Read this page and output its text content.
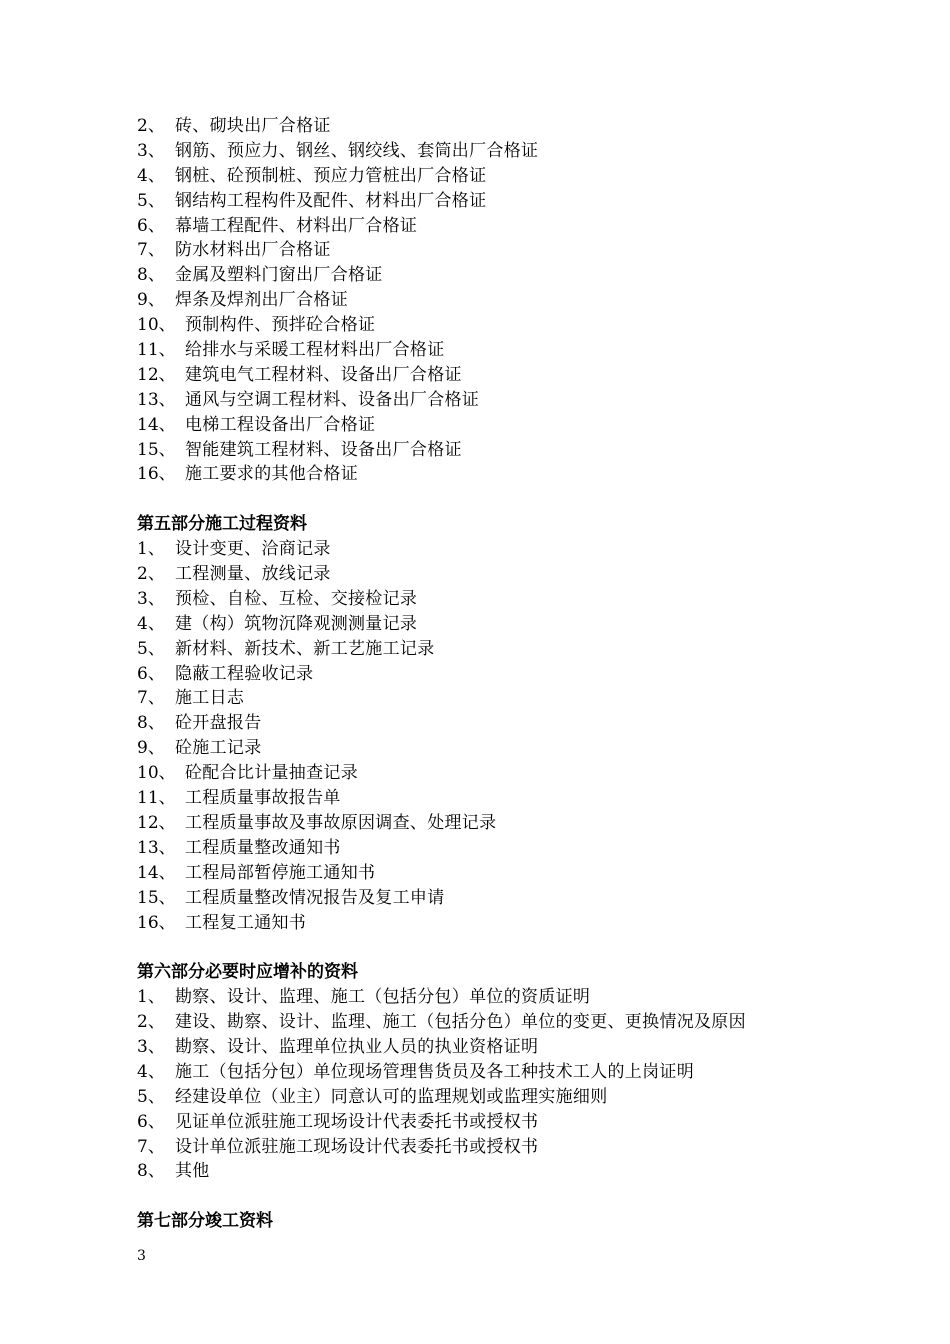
2、 砖、砌块出厂合格证
3、 钢筋、预应力、钢丝、钢绞线、套筒出厂合格证
4、 钢桩、砼预制桩、预应力管桩出厂合格证
5、 钢结构工程构件及配件、材料出厂合格证
6、 幕墙工程配件、材料出厂合格证
7、 防水材料出厂合格证
8、 金属及塑料门窗出厂合格证
9、 焊条及焊剂出厂合格证
10、 预制构件、预拌砼合格证
11、 给排水与采暖工程材料出厂合格证
12、 建筑电气工程材料、设备出厂合格证
13、 通风与空调工程材料、设备出厂合格证
14、 电梯工程设备出厂合格证
15、 智能建筑工程材料、设备出厂合格证
16、 施工要求的其他合格证
第五部分施工过程资料
1、 设计变更、洽商记录
2、 工程测量、放线记录
3、 预检、自检、互检、交接检记录
4、 建（构）筑物沉降观测测量记录
5、 新材料、新技术、新工艺施工记录
6、 隐蔽工程验收记录
7、 施工日志
8、 砼开盘报告
9、 砼施工记录
10、 砼配合比计量抽查记录
11、 工程质量事故报告单
12、 工程质量事故及事故原因调查、处理记录
13、 工程质量整改通知书
14、 工程局部暂停施工通知书
15、 工程质量整改情况报告及复工申请
16、 工程复工通知书
第六部分必要时应增补的资料
1、 勘察、设计、监理、施工（包括分包）单位的资质证明
2、 建设、勘察、设计、监理、施工（包括分色）单位的变更、更换情况及原因
3、 勘察、设计、监理单位执业人员的执业资格证明
4、 施工（包括分包）单位现场管理售货员及各工种技术工人的上岗证明
5、 经建设单位（业主）同意认可的监理规划或监理实施细则
6、 见证单位派驻施工现场设计代表委托书或授权书
7、 设计单位派驻施工现场设计代表委托书或授权书
8、 其他
第七部分竣工资料
3
